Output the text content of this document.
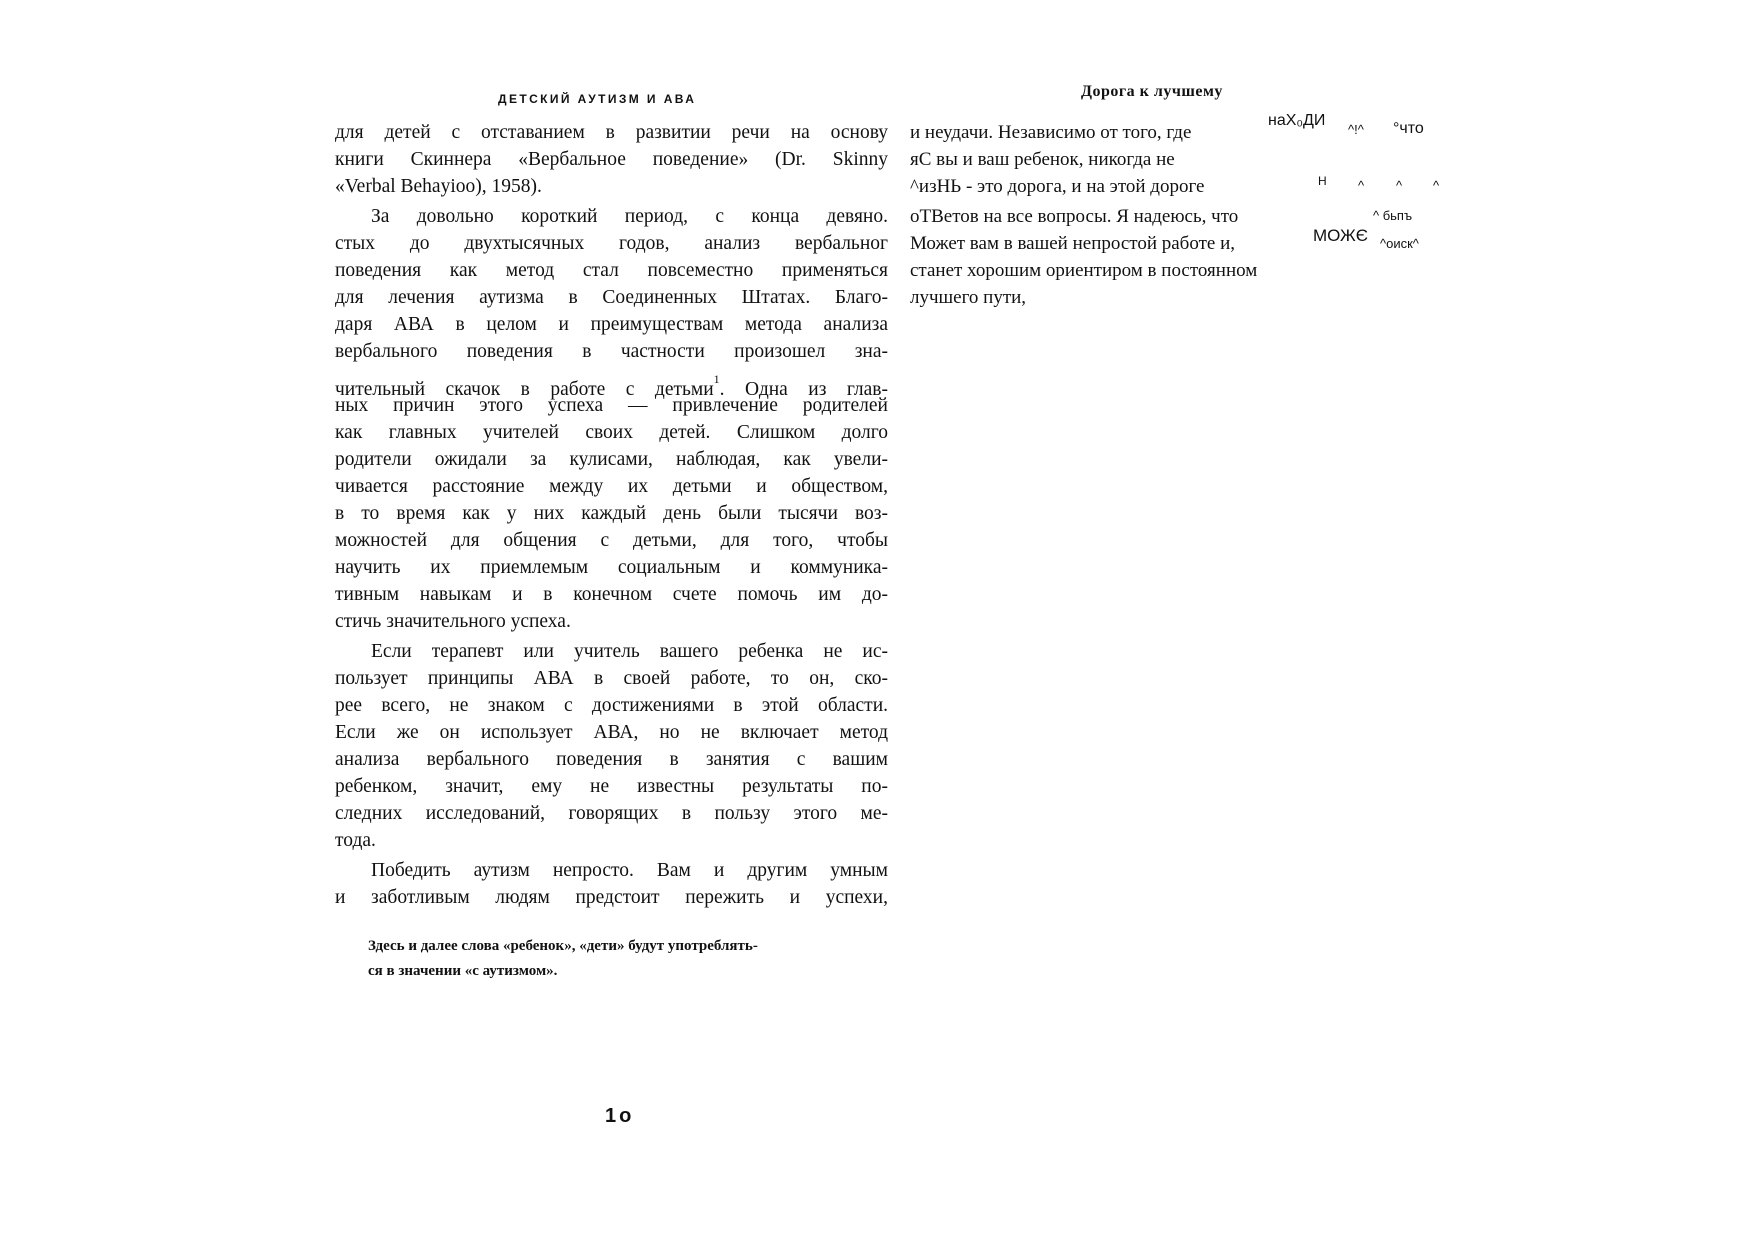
ДЕТСКИЙ АУТИЗМ И АВА
для детей с отставанием в развитии речи на основу
книги Скиннера «Вербальное поведение» (Dr. Skinny
«Verbal Behayioo), 1958).
За довольно короткий период, с конца девяно.
стых до двухтысячных годов, анализ вербальног
поведения как метод стал повсеместно применяться
для лечения аутизма в Соединенных Штатах. Благо-
даря АВА в целом и преимуществам метода анализа
вербального поведения в частности произошел зна-
чительный скачок в работе с детьми$^1$. Одна из глав-
ных причин этого успеха — привлечение родителей
как главных учителей своих детей. Слишком долго
родители ожидали за кулисами, наблюдая, как увели-
чивается расстояние между их детьми и обществом,
в то время как у них каждый день были тысячи воз-
можностей для общения с детьми, для того, чтобы
научить их приемлемым социальным и коммуника-
тивным навыкам и в конечном счете помочь им до-
стичь значительного успеха.
Если терапевт или учитель вашего ребенка не ис-
пользует принципы АВА в своей работе, то он, ско-
рее всего, не знаком с достижениями в этой области.
Если же он использует АВА, но не включает метод
анализа вербального поведения в занятия с вашим
ребенком, значит, ему не известны результаты по-
следних исследований, говорящих в пользу этого ме-
тода.
Победить аутизм непросто. Вам и другим умным
и заботливым людям предстоит пережить и успехи,
Здесь и далее слова «ребенок», «дети» будут употреблять-
ся в значении «с аутизмом».
1о
Дорога к лучшему
и неудачи. Независимо от того, где
яС вы и ваш ребенок, никогда не
^изНЬ - это дорога, и на этой дороге
оТВетов на все вопросы. Я надеюсь, что
Может вам в вашей непростой работе и,
станет хорошим ориентиром в постоянном
лучшего пути,
наХ₀ДИ
^!^ °что
Н ^ ^ ^
^ бьпъ
МОЖЄ ^оиск^
